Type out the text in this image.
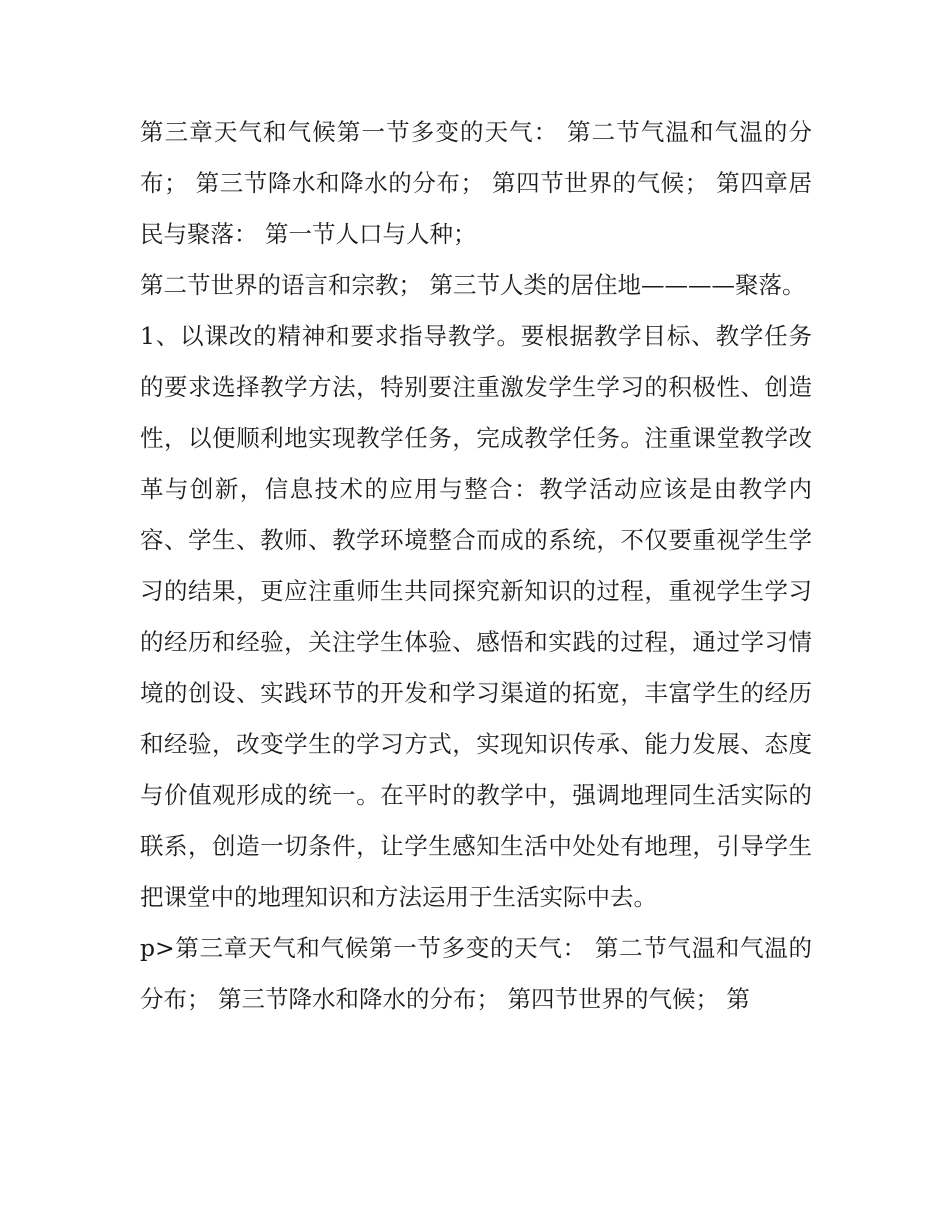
第三章天气和气候第一节多变的天气： 第二节气温和气温的分布； 第三节降水和降水的分布； 第四节世界的气候； 第四章居民与聚落： 第一节人口与人种；

第二节世界的语言和宗教； 第三节人类的居住地————聚落。

1、以课改的精神和要求指导教学。要根据教学目标、教学任务的要求选择教学方法，特别要注重激发学生学习的积极性、创造性，以便顺利地实现教学任务，完成教学任务。注重课堂教学改革与创新，信息技术的应用与整合：教学活动应该是由教学内容、学生、教师、教学环境整合而成的系统，不仅要重视学生学习的结果，更应注重师生共同探究新知识的过程，重视学生学习的经历和经验，关注学生体验、感悟和实践的过程，通过学习情境的创设、实践环节的开发和学习渠道的拓宽，丰富学生的经历和经验，改变学生的学习方式，实现知识传承、能力发展、态度与价值观形成的统一。在平时的教学中，强调地理同生活实际的联系，创造一切条件，让学生感知生活中处处有地理，引导学生把课堂中的地理知识和方法运用于生活实际中去。

p>第三章天气和气候第一节多变的天气： 第二节气温和气温的分布； 第三节降水和降水的分布； 第四节世界的气候； 第
